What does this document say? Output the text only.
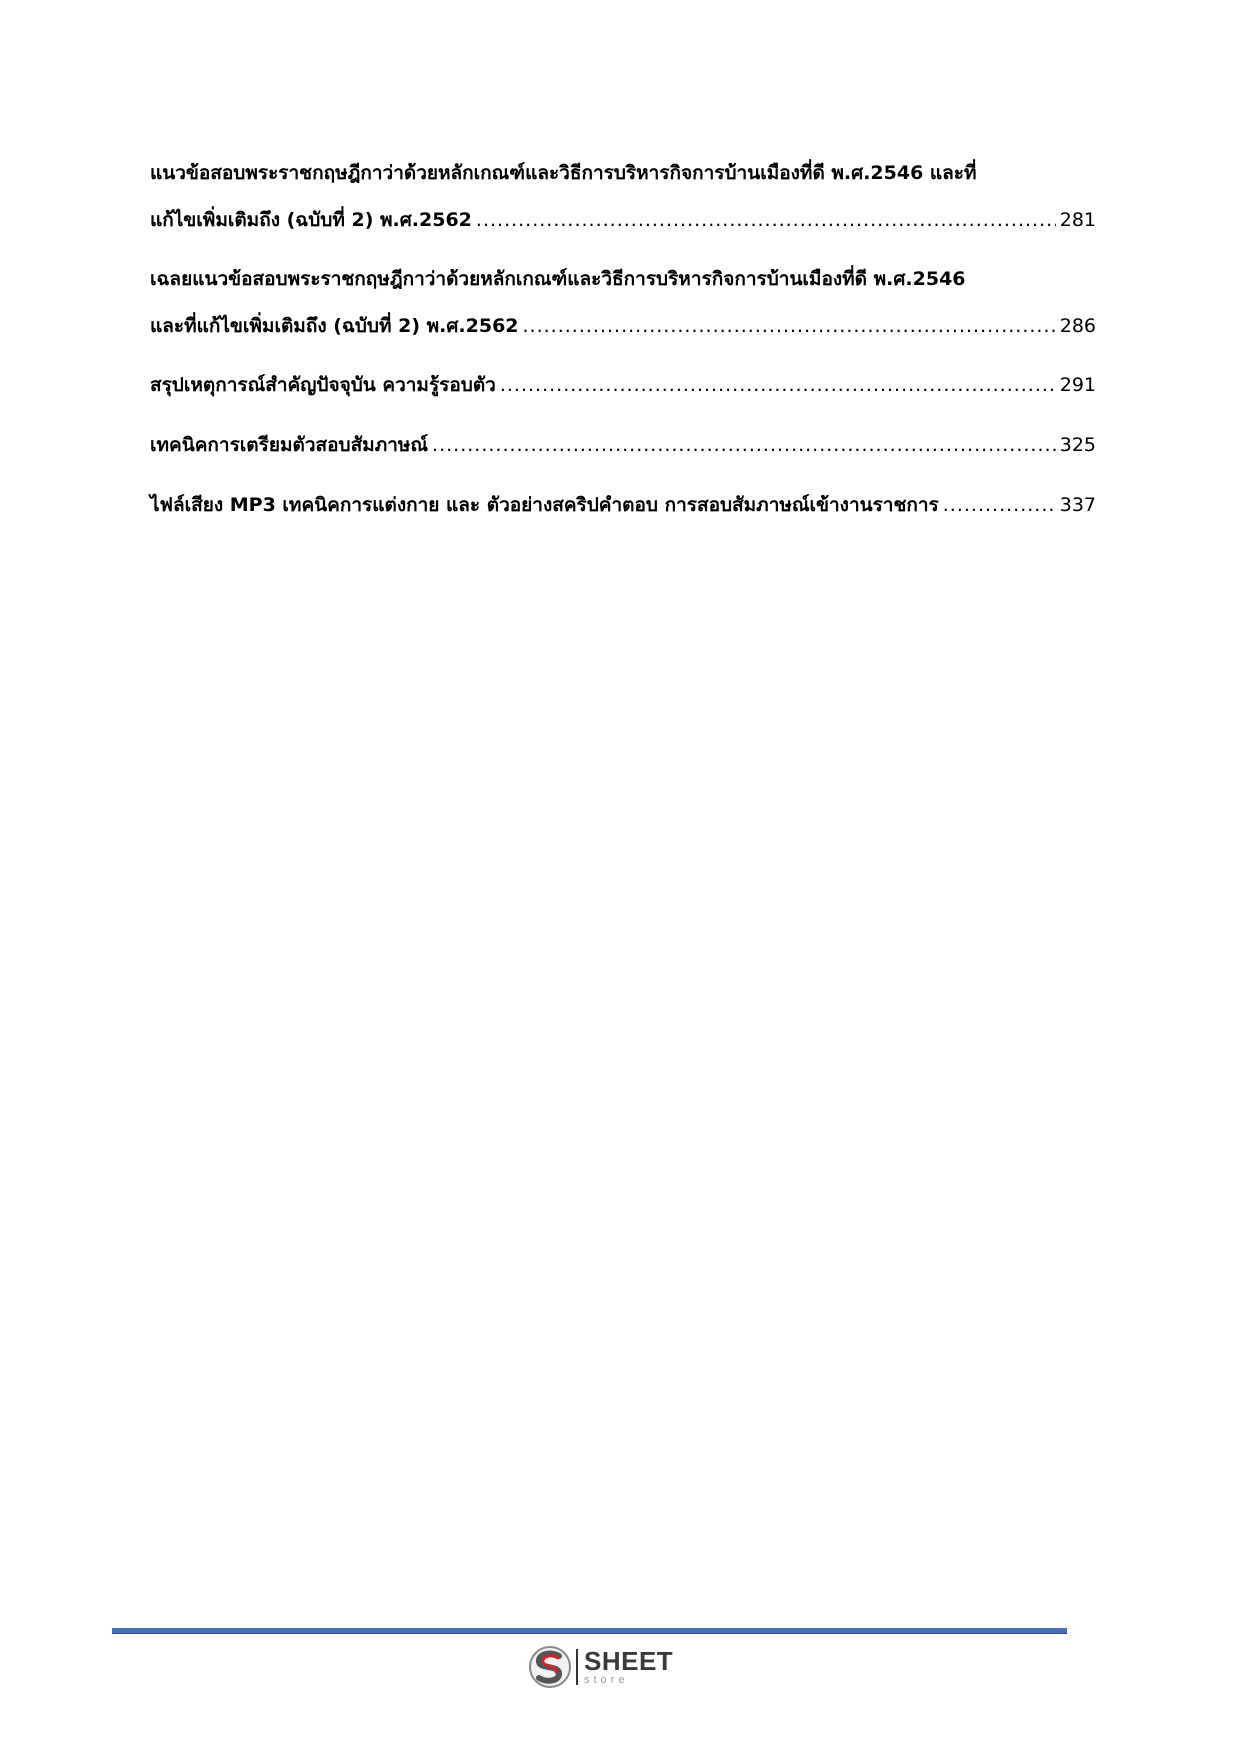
แนวข้อสอบพระราชกฤษฎีกาว่าด้วยหลักเกณฑ์และวิธีการบริหารกิจการบ้านเมืองที่ดี พ.ศ.2546 และที่
แก้ไขเพิ่มเติมถึง (ฉบับที่ 2) พ.ศ.2562 .....	281
เฉลยแนวข้อสอบพระราชกฤษฎีกาว่าด้วยหลักเกณฑ์และวิธีการบริหารกิจการบ้านเมืองที่ดี พ.ศ.2546
และที่แก้ไขเพิ่มเติมถึง (ฉบับที่ 2) พ.ศ.2562 .....	286
สรุปเหตุการณ์สำคัญปัจจุบัน ความรู้รอบตัว .....	291
เทคนิคการเตรียมตัวสอบสัมภาษณ์ .....	325
ไฟล์เสียง MP3 เทคนิคการแต่งกาย และ ตัวอย่างสคริปคำตอบ การสอบสัมภาษณ์เข้างานราชการ .....	337
SHEET
store
